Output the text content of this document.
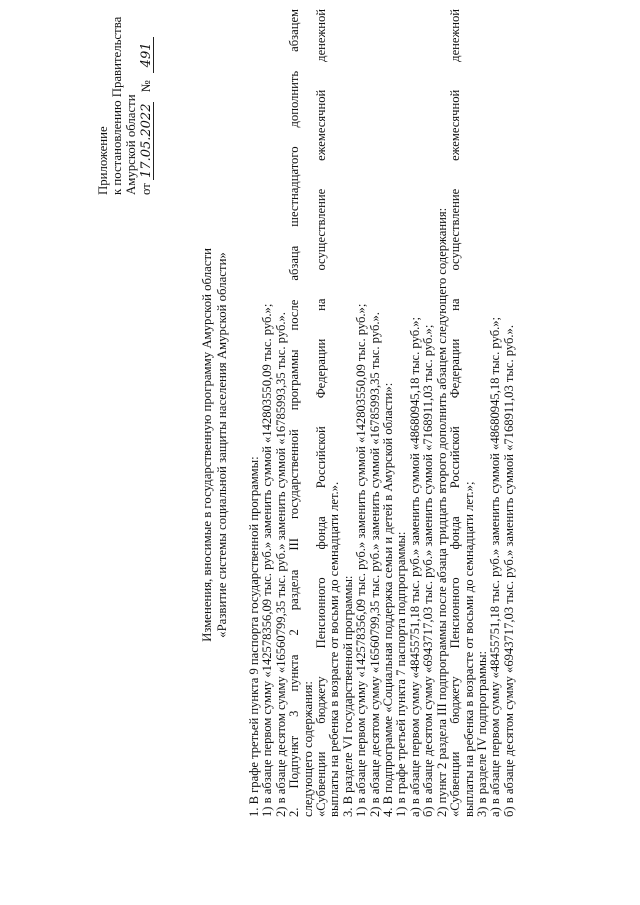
Приложение к постановлению Правительства Амурской области от 17.05.2022 № 491
Изменения, вносимые в государственную программу Амурской области «Развитие системы социальной защиты населения Амурской области» 1. В графе третьей пункта 9 паспорта государственной программы: 1) в абзаце первом сумму «142578356,09 тыс. руб.» заменить суммой «142803550,09 тыс. руб.»; 2) в абзаце десятом сумму «16560799,35 тыс. руб.» заменить суммой «16785993,35 тыс. руб.». 2. Подпункт 3 пункта 2 раздела III государственной программы после абзаца шестнадцатого дополнить абзацем следующего содержания: «Субвенции бюджету Пенсионного фонда Российской Федерации на осуществление ежемесячной денежной выплаты на ребенка в возрасте от восьми до семнадцати лет.». 3. В разделе VI государственной программы: 1) в абзаце первом сумму «142578356,09 тыс. руб.» заменить суммой «142803550,09 тыс. руб.»; 2) в абзаце десятом сумму «16560799,35 тыс. руб.» заменить суммой «16785993,35 тыс. руб.». 4. В подпрограмме «Социальная поддержка семьи и детей в Амурской области»: 1) в графе третьей пункта 7 паспорта подпрограммы: а) в абзаце первом сумму «48455751,18 тыс. руб.» заменить суммой «48680945,18 тыс. руб.»; б) в абзаце десятом сумму «6943717,03 тыс. руб.» заменить суммой «7168911,03 тыс. руб.»; 2) пункт 2 раздела III подпрограммы после абзаца тридцать второго дополнить абзацем следующего содержания: «Субвенции бюджету Пенсионного фонда Российской Федерации на осуществление ежемесячной денежной выплаты на ребенка в возрасте от восьми до семнадцати лет.»; 3) в разделе IV подпрограммы: а) в абзаце первом сумму «48455751,18 тыс. руб.» заменить суммой «48680945,18 тыс. руб.»; б) в абзаце десятом сумму «6943717,03 тыс. руб.» заменить суммой «7168911,03 тыс. руб.».
